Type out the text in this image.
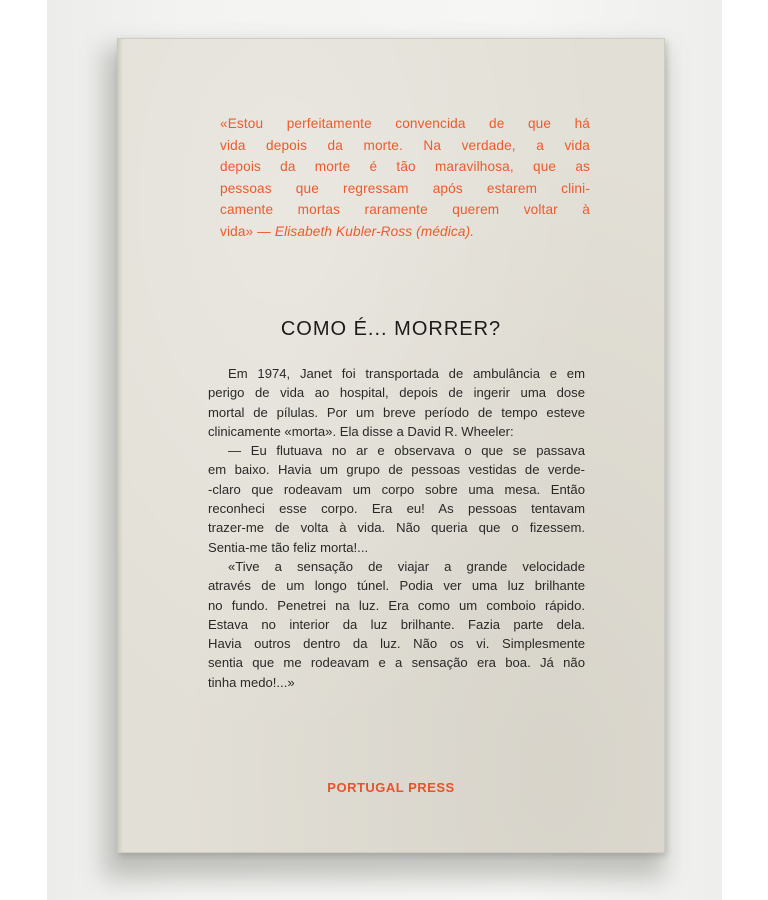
«Estou perfeitamente convencida de que há
vida depois da morte. Na verdade, a vida
depois da morte é tão maravilhosa, que as
pessoas que regressam após estarem clini-
camente mortas raramente querem voltar à
vida» — Elisabeth Kubler-Ross (médica).
COMO É... MORRER?
Em 1974, Janet foi transportada de ambulância e em
perigo de vida ao hospital, depois de ingerir uma dose
mortal de pílulas. Por um breve período de tempo esteve
clinicamente «morta». Ela disse a David R. Wheeler:
— Eu flutuava no ar e observava o que se passava
em baixo. Havia um grupo de pessoas vestidas de verde-
-claro que rodeavam um corpo sobre uma mesa. Então
reconheci esse corpo. Era eu! As pessoas tentavam
trazer-me de volta à vida. Não queria que o fizessem.
Sentia-me tão feliz morta!...
«Tive a sensação de viajar a grande velocidade
através de um longo túnel. Podia ver uma luz brilhante
no fundo. Penetrei na luz. Era como um comboio rápido.
Estava no interior da luz brilhante. Fazia parte dela.
Havia outros dentro da luz. Não os vi. Simplesmente
sentia que me rodeavam e a sensação era boa. Já não
tinha medo!...»
PORTUGAL PRESS
